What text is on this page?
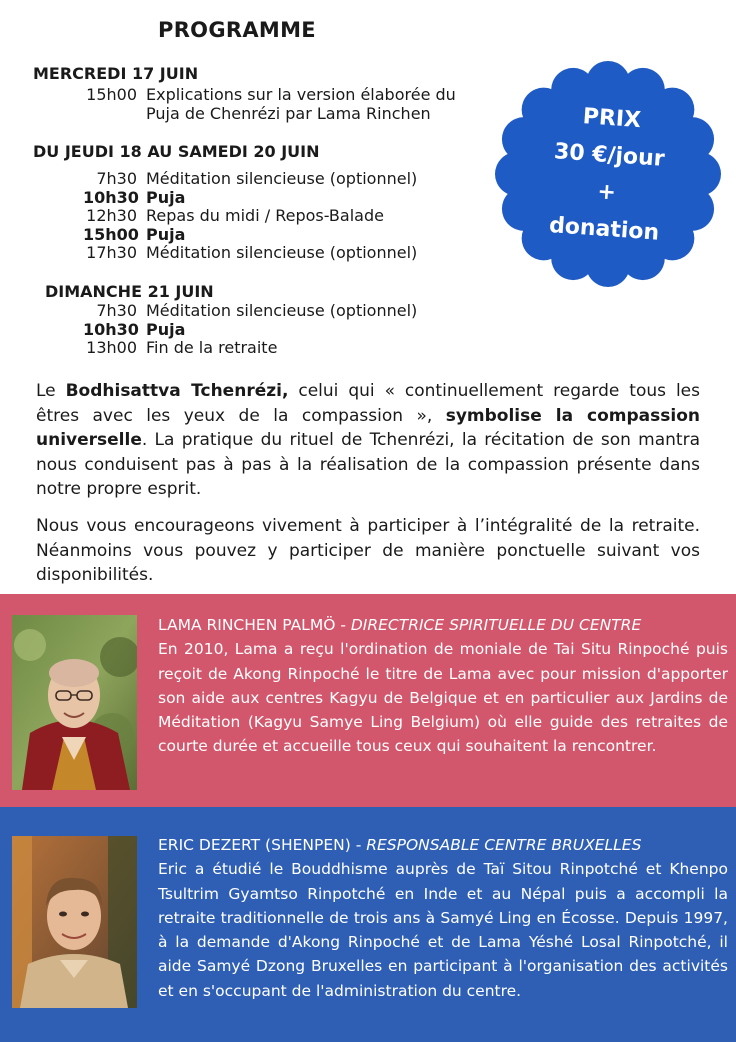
PROGRAMME
MERCREDI 17 JUIN
15h00 Explications sur la version élaborée du
Puja de Chenrézi par Lama Rinchen
DU JEUDI 18 AU SAMEDI 20 JUIN
7h30 Méditation silencieuse (optionnel)
10h30 Puja
12h30 Repas du midi / Repos-Balade
15h00 Puja
17h30 Méditation silencieuse (optionnel)
DIMANCHE 21 JUIN
7h30 Méditation silencieuse (optionnel)
10h30 Puja
13h00 Fin de la retraite
PRIX
30 €/jour
+
donation
Le Bodhisattva Tchenrézi, celui qui « continuellement regarde tous les êtres avec les yeux de la compassion », symbolise la compassion universelle. La pratique du rituel de Tchenrézi, la récitation de son mantra nous conduisent pas à pas à la réalisation de la compassion présente dans notre propre esprit.
Nous vous encourageons vivement à participer à l’intégralité de la retraite. Néanmoins vous pouvez y participer de manière ponctuelle suivant vos disponibilités.
LAMA RINCHEN PALMÖ - DIRECTRICE SPIRITUELLE DU CENTRE
En 2010, Lama a reçu l'ordination de moniale de Tai Situ Rinpoché puis reçoit de Akong Rinpoché le titre de Lama avec pour mission d'apporter son aide aux centres Kagyu de Belgique et en particulier aux Jardins de Méditation (Kagyu Samye Ling Belgium) où elle guide des retraites de courte durée et accueille tous ceux qui souhaitent la rencontrer.
ERIC DEZERT (SHENPEN) - RESPONSABLE CENTRE BRUXELLES
Eric a étudié le Bouddhisme auprès de Taï Sitou Rinpotché et Khenpo Tsultrim Gyamtso Rinpotché en Inde et au Népal puis a accompli la retraite traditionnelle de trois ans à Samyé Ling en Écosse. Depuis 1997, à la demande d'Akong Rinpoché et de Lama Yéshé Losal Rinpotché, il aide Samyé Dzong Bruxelles en participant à l'organisation des activités et en s'occupant de l'administration du centre.
